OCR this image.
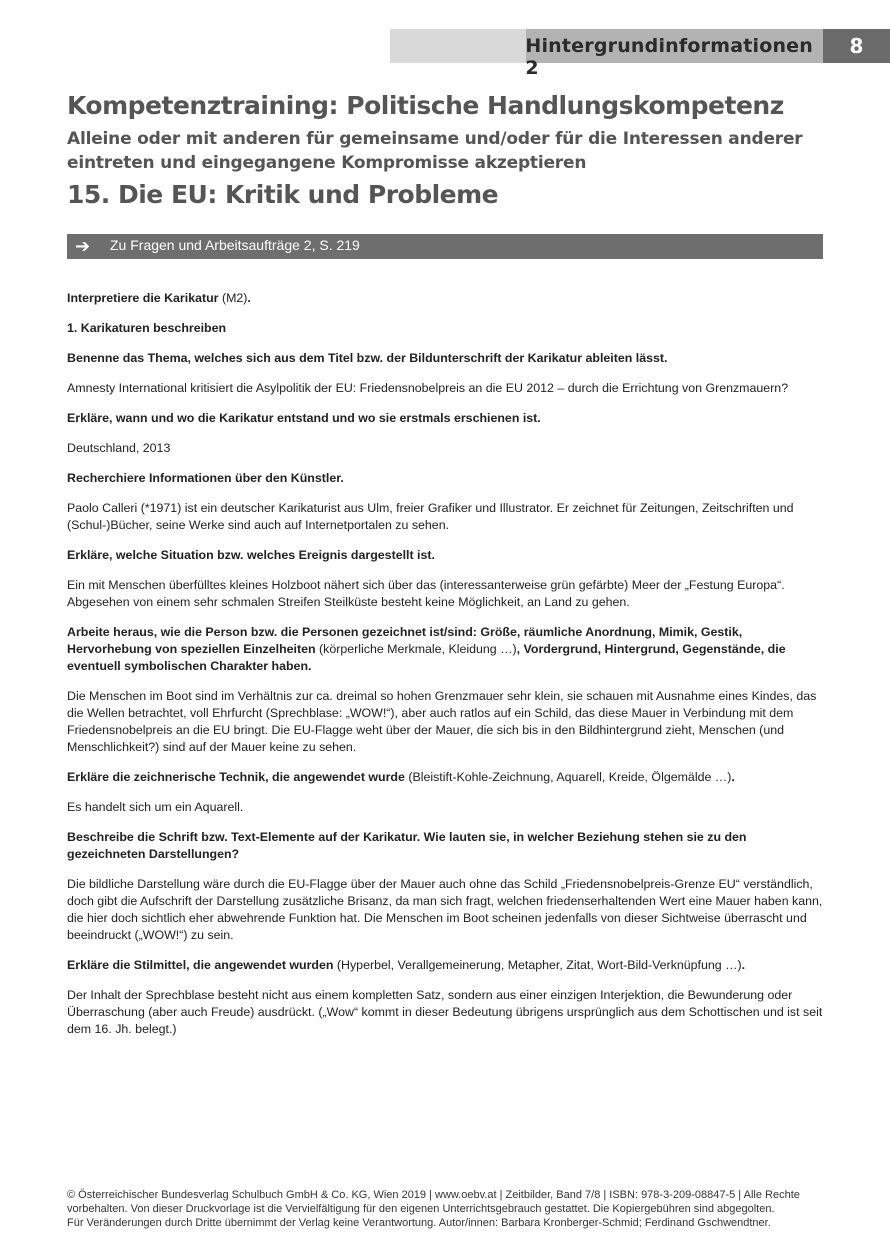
Hintergrundinformationen 2
8
Kompetenztraining: Politische Handlungskompetenz
Alleine oder mit anderen für gemeinsame und/oder für die Interessen anderer eintreten und eingegangene Kompromisse akzeptieren
15. Die EU: Kritik und Probleme
➔ Zu Fragen und Arbeitsaufträge 2, S. 219

Interpretiere die Karikatur (M2).

1. Karikaturen beschreiben

Benenne das Thema, welches sich aus dem Titel bzw. der Bildunterschrift der Karikatur ableiten lässt.

Amnesty International kritisiert die Asylpolitik der EU: Friedensnobelpreis an die EU 2012 – durch die Errichtung von Grenzmauern?

Erkläre, wann und wo die Karikatur entstand und wo sie erstmals erschienen ist.

Deutschland, 2013

Recherchiere Informationen über den Künstler.

Paolo Calleri (*1971) ist ein deutscher Karikaturist aus Ulm, freier Grafiker und Illustrator. Er zeichnet für Zeitungen, Zeitschriften und (Schul-)Bücher, seine Werke sind auch auf Internetportalen zu sehen.

Erkläre, welche Situation bzw. welches Ereignis dargestellt ist.

Ein mit Menschen überfülltes kleines Holzboot nähert sich über das (interessanterweise grün gefärbte) Meer der „Festung Europa“. Abgesehen von einem sehr schmalen Streifen Steilküste besteht keine Möglichkeit, an Land zu gehen.

Arbeite heraus, wie die Person bzw. die Personen gezeichnet ist/sind: Größe, räumliche Anordnung, Mimik, Gestik, Hervorhebung von speziellen Einzelheiten (körperliche Merkmale, Kleidung …), Vordergrund, Hintergrund, Gegenstände, die eventuell symbolischen Charakter haben.

Die Menschen im Boot sind im Verhältnis zur ca. dreimal so hohen Grenzmauer sehr klein, sie schauen mit Ausnahme eines Kindes, das die Wellen betrachtet, voll Ehrfurcht (Sprechblase: „WOW!“), aber auch ratlos auf ein Schild, das diese Mauer in Verbindung mit dem Friedensnobelpreis an die EU bringt. Die EU-Flagge weht über der Mauer, die sich bis in den Bildhintergrund zieht, Menschen (und Menschlichkeit?) sind auf der Mauer keine zu sehen.

Erkläre die zeichnerische Technik, die angewendet wurde (Bleistift-Kohle-Zeichnung, Aquarell, Kreide, Ölgemälde …).

Es handelt sich um ein Aquarell.

Beschreibe die Schrift bzw. Text-Elemente auf der Karikatur. Wie lauten sie, in welcher Beziehung stehen sie zu den gezeichneten Darstellungen?

Die bildliche Darstellung wäre durch die EU-Flagge über der Mauer auch ohne das Schild „Friedensnobelpreis-Grenze EU“ verständlich, doch gibt die Aufschrift der Darstellung zusätzliche Brisanz, da man sich fragt, welchen friedenserhaltenden Wert eine Mauer haben kann, die hier doch sichtlich eher abwehrende Funktion hat. Die Menschen im Boot scheinen jedenfalls von dieser Sichtweise überrascht und beeindruckt („WOW!“) zu sein.

Erkläre die Stilmittel, die angewendet wurden (Hyperbel, Verallgemeinerung, Metapher, Zitat, Wort-Bild-Verknüpfung …).

Der Inhalt der Sprechblase besteht nicht aus einem kompletten Satz, sondern aus einer einzigen Interjektion, die Bewunderung oder Überraschung (aber auch Freude) ausdrückt. („Wow“ kommt in dieser Bedeutung übrigens ursprünglich aus dem Schottischen und ist seit dem 16. Jh. belegt.)

© Österreichischer Bundesverlag Schulbuch GmbH & Co. KG, Wien 2019 | www.oebv.at | Zeitbilder, Band 7/8 | ISBN: 978-3-209-08847-5 | Alle Rechte

vorbehalten. Von dieser Druckvorlage ist die Vervielfältigung für den eigenen Unterrichtsgebrauch gestattet. Die Kopiergebühren sind abgegolten.

Für Veränderungen durch Dritte übernimmt der Verlag keine Verantwortung. Autor/innen: Barbara Kronberger-Schmid; Ferdinand Gschwendtner.
